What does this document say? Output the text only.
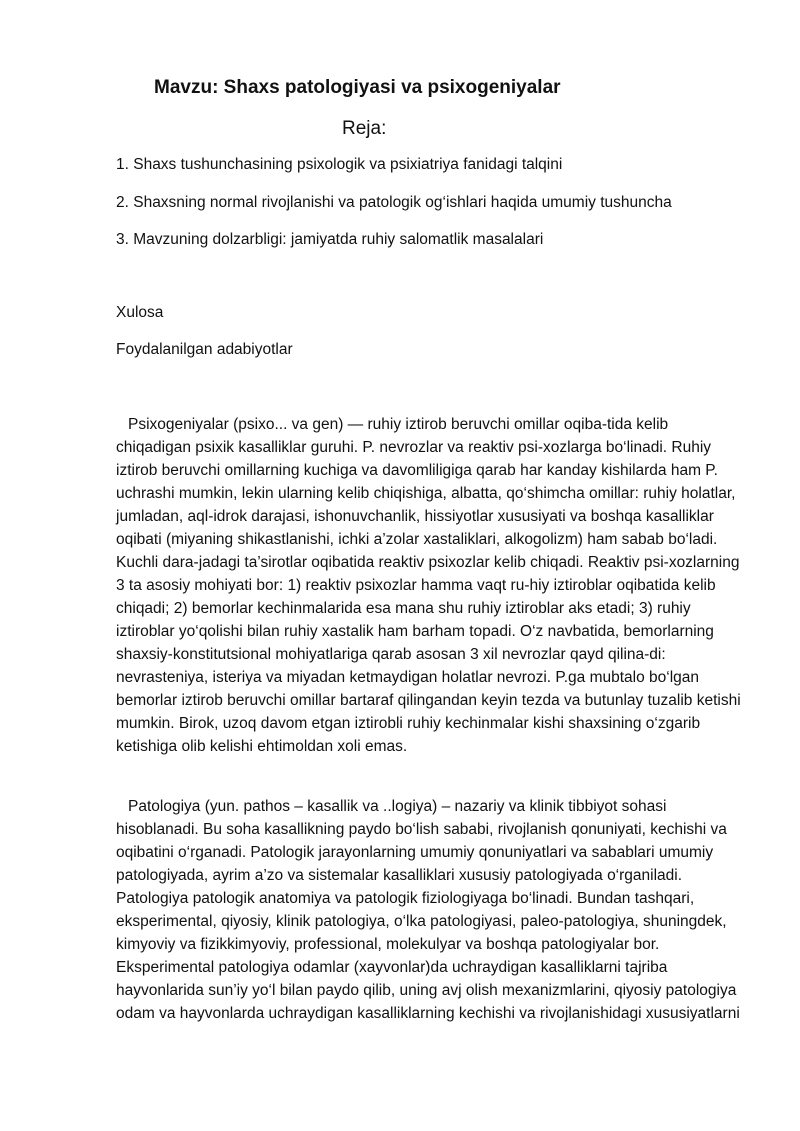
Mavzu: Shaxs patologiyasi va psixogeniyalar
Reja:

1. Shaxs tushunchasining psixologik va psixiatriya fanidagi talqini

2. Shaxsning normal rivojlanishi va patologik og‘ishlari haqida umumiy tushuncha

3. Mavzuning dolzarbligi: jamiyatda ruhiy salomatlik masalalari

Xulosa

Foydalanilgan adabiyotlar

Psixogeniyalar (psixo... va gen) — ruhiy iztirob beruvchi omillar oqiba-tida kelib chiqadigan psixik kasalliklar guruhi. P. nevrozlar va reaktiv psi-xozlarga bo‘linadi. Ruhiy iztirob beruvchi omillarning kuchiga va davomliligiga qarab har kanday kishilarda ham P. uchrashi mumkin, lekin ularning kelib chiqishiga, albatta, qo‘shimcha omillar: ruhiy holatlar, jumladan, aql-idrok darajasi, ishonuvchanlik, hissiyotlar xususiyati va boshqa kasalliklar oqibati (miyaning shikastlanishi, ichki a’zolar xastaliklari, alkogolizm) ham sabab bo‘ladi. Kuchli dara-jadagi ta’sirotlar oqibatida reaktiv psixozlar kelib chiqadi. Reaktiv psi-xozlarning 3 ta asosiy mohiyati bor: 1) reaktiv psixozlar hamma vaqt ru-hiy iztiroblar oqibatida kelib chiqadi; 2) bemorlar kechinmalarida esa mana shu ruhiy iztiroblar aks etadi; 3) ruhiy iztiroblar yo‘qolishi bilan ruhiy xastalik ham barham topadi. O‘z navbatida, bemorlarning shaxsiy-konstitutsional mohiyatlariga qarab asosan 3 xil nevrozlar qayd qilina-di: nevrasteniya, isteriya va miyadan ketmaydigan holatlar nevrozi. P.ga mubtalo bo‘lgan bemorlar iztirob beruvchi omillar bartaraf qilingandan keyin tezda va butunlay tuzalib ketishi mumkin. Birok, uzoq davom etgan iztirobli ruhiy kechinmalar kishi shaxsining o‘zgarib ketishiga olib kelishi ehtimoldan xoli emas.

Patologiya (yun. pathos – kasallik va ..logiya) – nazariy va klinik tibbiyot sohasi hisoblanadi. Bu soha kasallikning paydo bo‘lish sababi, rivojlanish qonuniyati, kechishi va oqibatini o‘rganadi. Patologik jarayonlarning umumiy qonuniyatlari va sabablari umumiy patologiyada, ayrim a’zo va sistemalar kasalliklari xususiy patologiyada o‘rganiladi. Patologiya patologik anatomiya va patologik fiziologiyaga bo‘linadi. Bundan tashqari, eksperimental, qiyosiy, klinik patologiya, o‘lka patologiyasi, paleo-patologiya, shuningdek, kimyoviy va fizikkimyoviy, professional, molekulyar va boshqa patologiyalar bor. Eksperimental patologiya odamlar (xayvonlar)da uchraydigan kasalliklarni tajriba hayvonlarida sun’iy yo‘l bilan paydo qilib, uning avj olish mexanizmlarini, qiyosiy patologiya odam va hayvonlarda uchraydigan kasalliklarning kechishi va rivojlanishidagi xususiyatlarni
